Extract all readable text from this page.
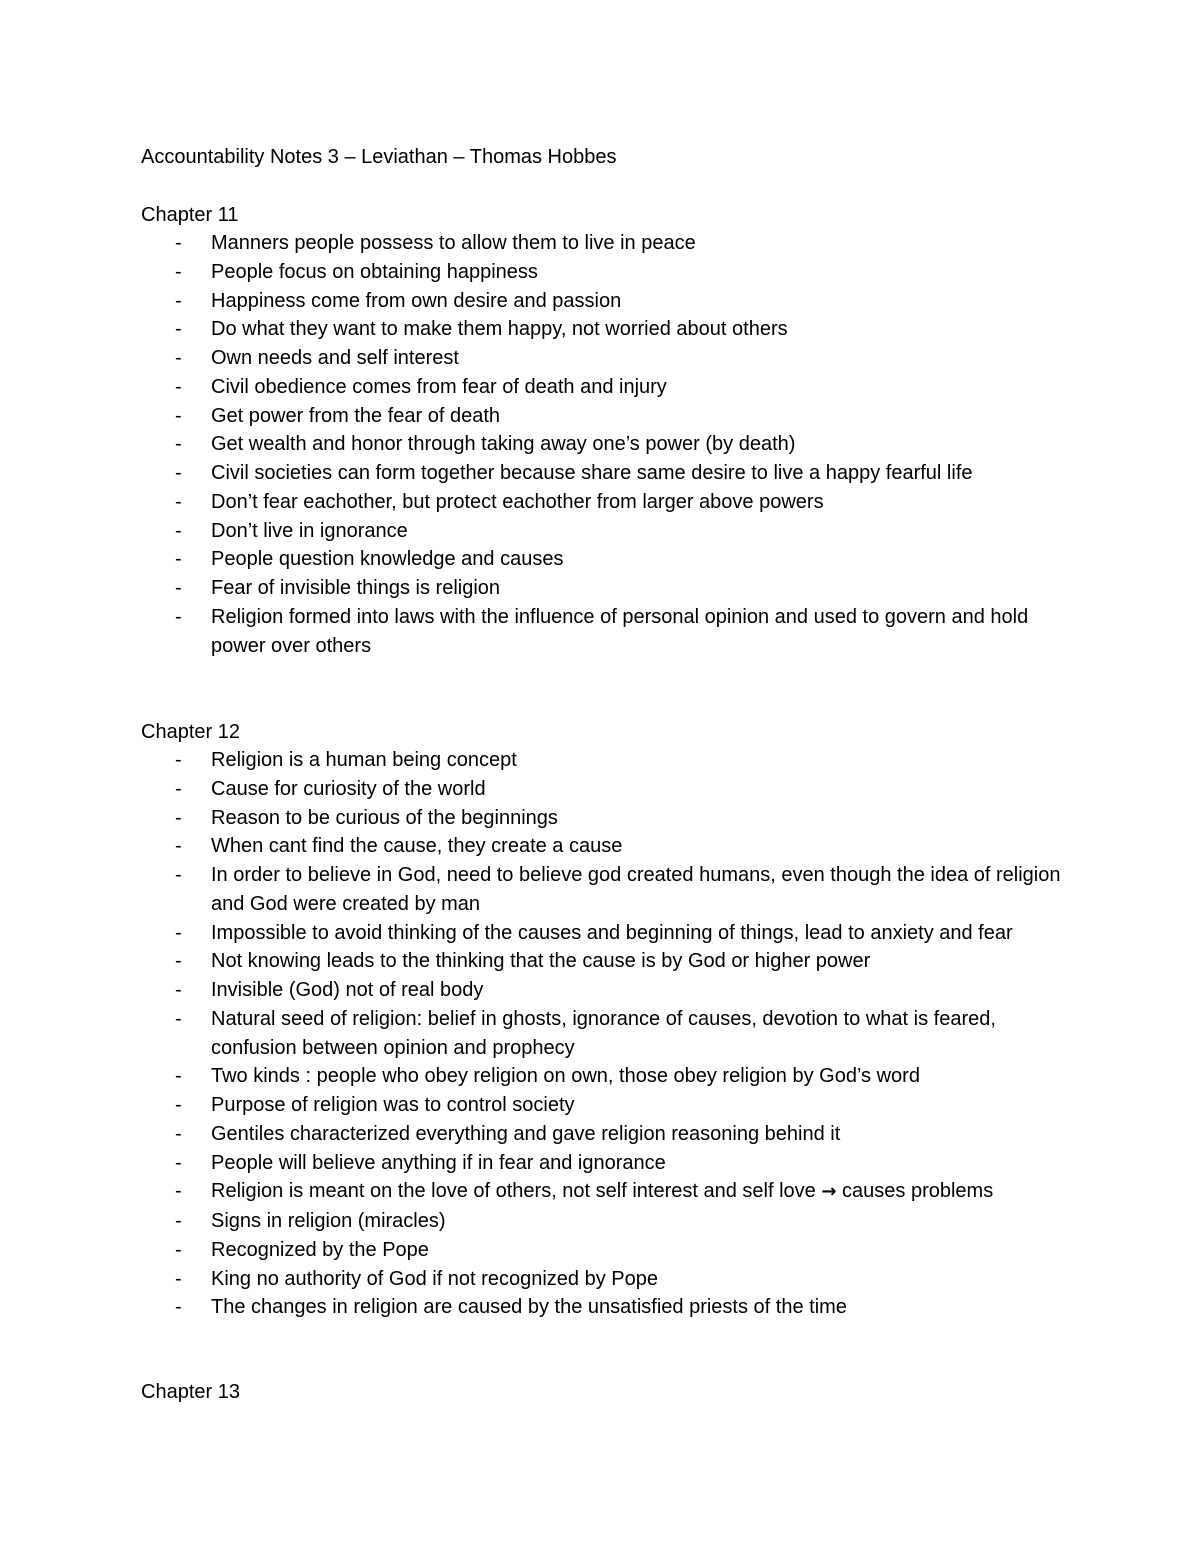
Accountability Notes 3 – Leviathan – Thomas Hobbes
Chapter 11
- Manners people possess to allow them to live in peace
- People focus on obtaining happiness
- Happiness come from own desire and passion
- Do what they want to make them happy, not worried about others
- Own needs and self interest
- Civil obedience comes from fear of death and injury
- Get power from the fear of death
- Get wealth and honor through taking away one’s power (by death)
- Civil societies can form together because share same desire to live a happy fearful life
- Don’t fear eachother, but protect eachother from larger above powers
- Don’t live in ignorance
- People question knowledge and causes
- Fear of invisible things is religion
- Religion formed into laws with the influence of personal opinion and used to govern and hold power over others
Chapter 12
- Religion is a human being concept
- Cause for curiosity of the world
- Reason to be curious of the beginnings
- When cant find the cause, they create a cause
- In order to believe in God, need to believe god created humans, even though the idea of religion and God were created by man
- Impossible to avoid thinking of the causes and beginning of things, lead to anxiety and fear
- Not knowing leads to the thinking that the cause is by God or higher power
- Invisible (God) not of real body
- Natural seed of religion: belief in ghosts, ignorance of causes, devotion to what is feared, confusion between opinion and prophecy
- Two kinds : people who obey religion on own, those obey religion by God’s word
- Purpose of religion was to control society
- Gentiles characterized everything and gave religion reasoning behind it
- People will believe anything if in fear and ignorance
- Religion is meant on the love of others, not self interest and self love → causes problems
- Signs in religion (miracles)
- Recognized by the Pope
- King no authority of God if not recognized by Pope
- The changes in religion are caused by the unsatisfied priests of the time
Chapter 13
